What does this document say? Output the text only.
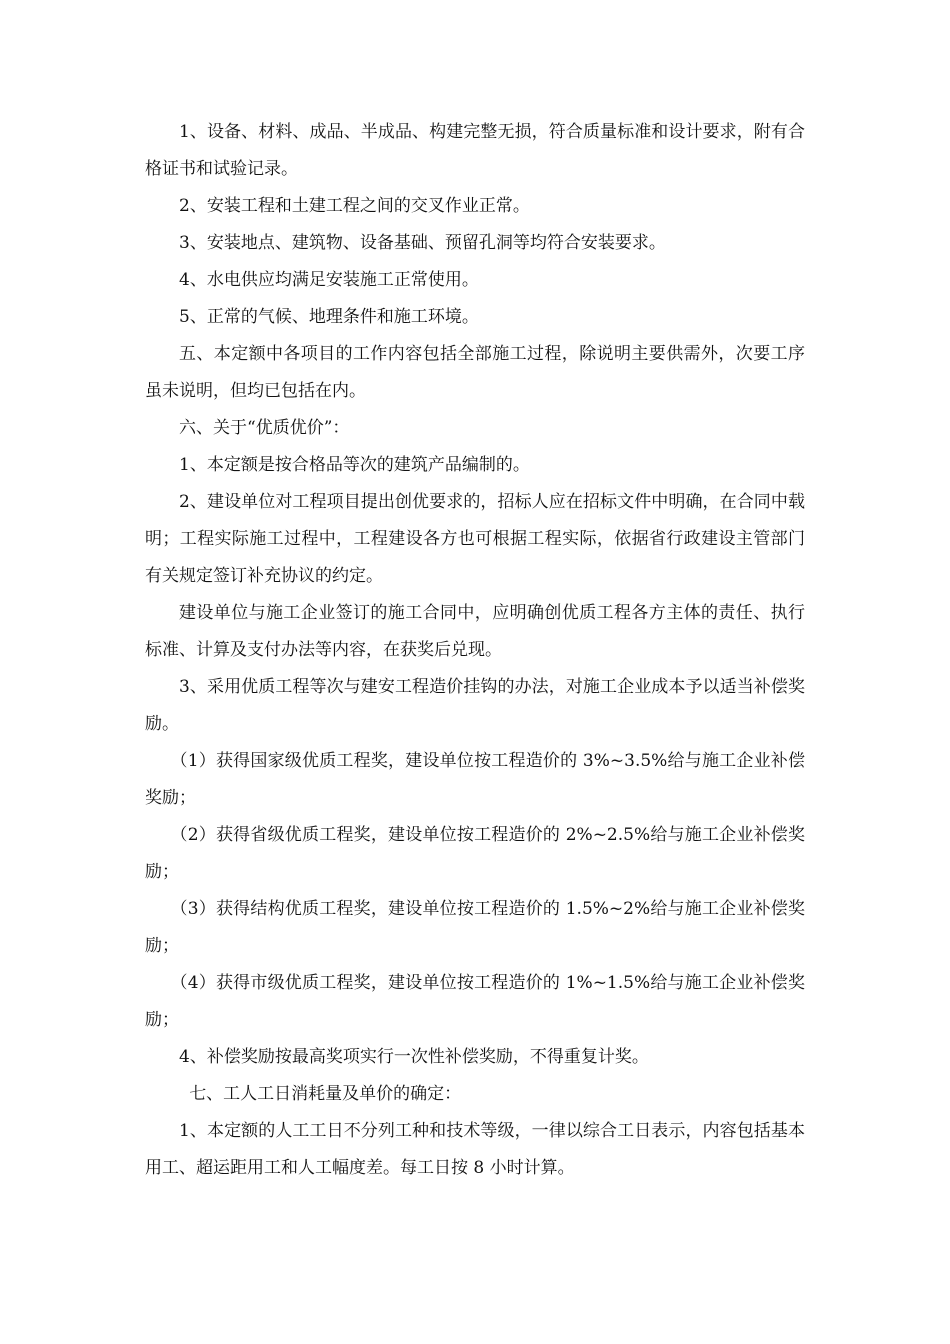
1、设备、材料、成品、半成品、构建完整无损，符合质量标准和设计要求，附有合格证书和试验记录。

2、安装工程和土建工程之间的交叉作业正常。

3、安装地点、建筑物、设备基础、预留孔洞等均符合安装要求。

4、水电供应均满足安装施工正常使用。

5、正常的气候、地理条件和施工环境。

五、本定额中各项目的工作内容包括全部施工过程，除说明主要供需外，次要工序虽未说明，但均已包括在内。

六、关于“优质优价”：

1、本定额是按合格品等次的建筑产品编制的。

2、建设单位对工程项目提出创优要求的，招标人应在招标文件中明确，在合同中载明；工程实际施工过程中，工程建设各方也可根据工程实际，依据省行政建设主管部门有关规定签订补充协议的约定。

建设单位与施工企业签订的施工合同中，应明确创优质工程各方主体的责任、执行标准、计算及支付办法等内容，在获奖后兑现。

3、采用优质工程等次与建安工程造价挂钩的办法，对施工企业成本予以适当补偿奖励。

（1）获得国家级优质工程奖，建设单位按工程造价的 3%~3.5%给与施工企业补偿奖励；

（2）获得省级优质工程奖，建设单位按工程造价的 2%~2.5%给与施工企业补偿奖励；

（3）获得结构优质工程奖，建设单位按工程造价的 1.5%~2%给与施工企业补偿奖励；

（4）获得市级优质工程奖，建设单位按工程造价的 1%~1.5%给与施工企业补偿奖励；

4、补偿奖励按最高奖项实行一次性补偿奖励，不得重复计奖。

七、工人工日消耗量及单价的确定：

1、本定额的人工工日不分列工种和技术等级，一律以综合工日表示，内容包括基本用工、超运距用工和人工幅度差。每工日按 8 小时计算。
